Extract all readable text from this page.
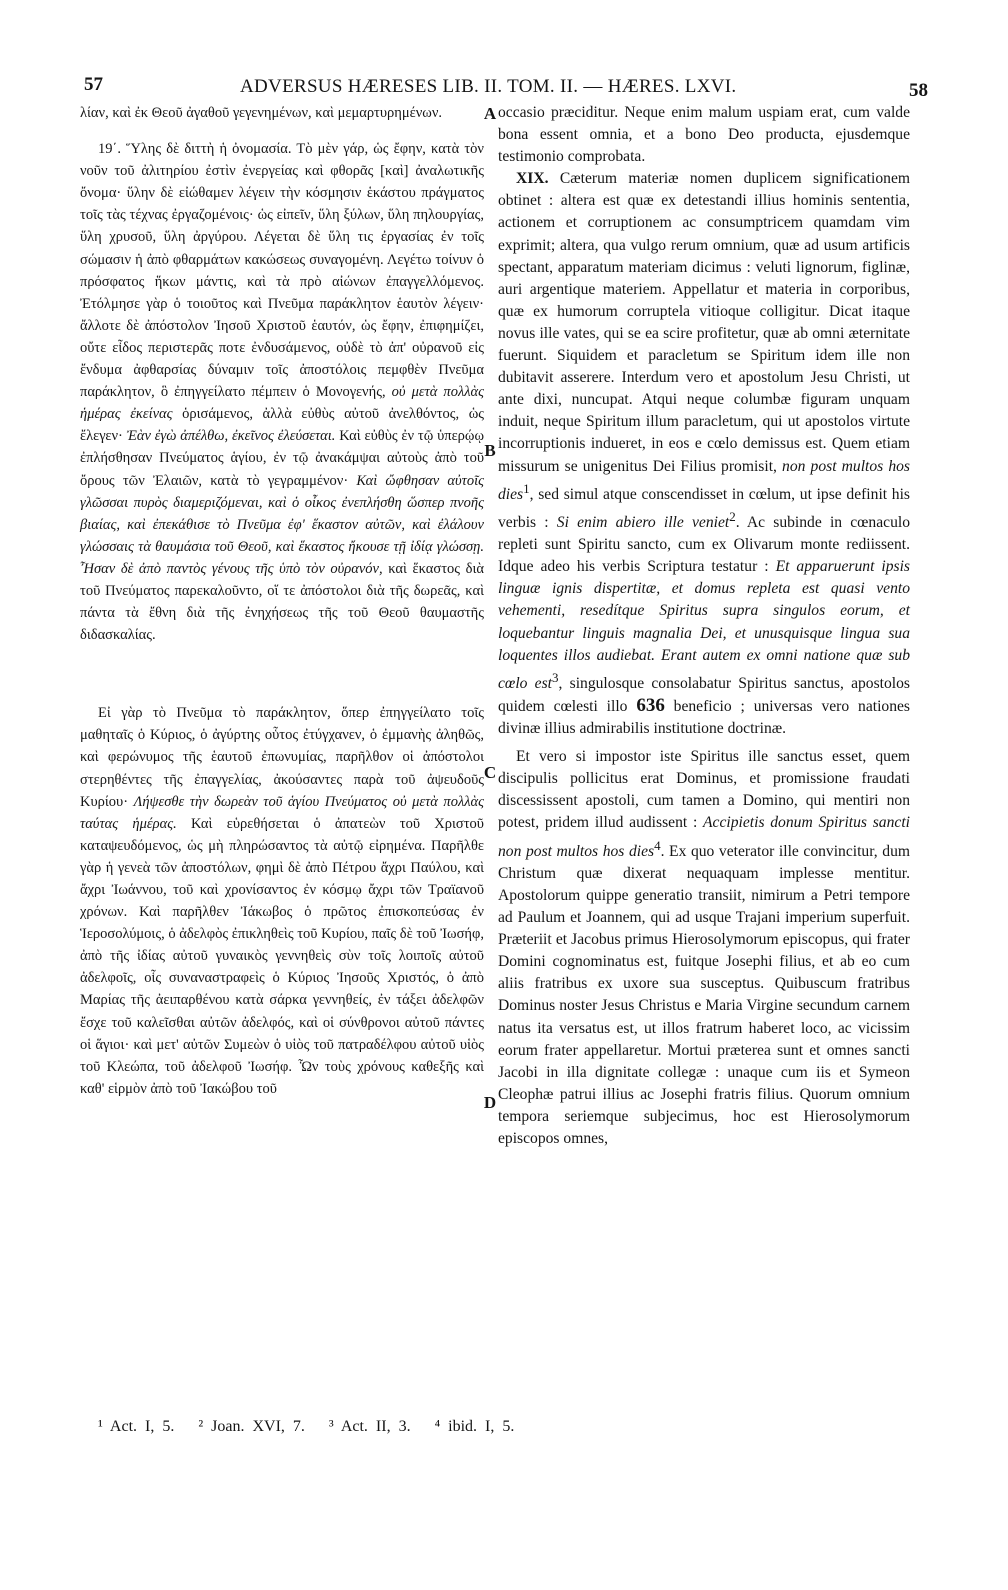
57	ADVERSUS HÆRESES LIB. II. TOM. II. — HÆRES. LXVI.	58

λίαν, καὶ ἐκ Θεοῦ ἀγαθοῦ γεγενημένων, καὶ μεμαρτυρημένων.

19΄. Ὕλης δὲ διττὴ ἡ ὀνομασία. Τὸ μὲν γάρ, ὡς ἔφην, κατὰ τὸν νοῦν τοῦ ἀλιτηρίου ἐστὶν ἐνεργείας καὶ φθορᾶς [καὶ] ἀναλωτικῆς ὄνομα· ὕλην δὲ εἰώθαμεν λέγειν τὴν κόσμησιν ἑκάστου πράγματος τοῖς τὰς τέχνας ἐργαζομένοις· ὡς εἰπεῖν, ὕλη ξύλων, ὕλη πηλουργίας, ὕλη χρυσοῦ, ὕλη ἀργύρου. Λέγεται δὲ ὕλη τις ἐργασίας ἐν τοῖς σώμασιν ἡ ἀπὸ φθαρμάτων κακώσεως συναγομένη. Λεγέτω τοίνυν ὁ πρόσφατος ἥκων μάντις, καὶ τὰ πρὸ αἰώνων ἐπαγγελλόμενος. Ἐτόλμησε γὰρ ὁ τοιοῦτος καὶ Πνεῦμα παράκλητον ἑαυτὸν λέγειν· ἄλλοτε δὲ ἀπόστολον Ἰησοῦ Χριστοῦ ἑαυτόν, ὡς ἔφην, ἐπιφημίζει, οὔτε εἶδος περιστερᾶς ποτε ἐνδυσάμενος, οὐδὲ τὸ ἀπ' οὐρανοῦ εἰς ἔνδυμα ἀφθαρσίας δύναμιν τοῖς ἀποστόλοις πεμφθὲν Πνεῦμα παράκλητον, ὃ ἐπηγγείλατο πέμπειν ὁ Μονογενής, οὐ μετὰ πολλὰς ἡμέρας ἐκείνας ὁρισάμενος, ἀλλὰ εὐθὺς αὐτοῦ ἀνελθόντος, ὡς ἔλεγεν· Ἐὰν ἐγὼ ἀπέλθω, ἐκεῖνος ἐλεύσεται. Καὶ εὐθὺς ἐν τῷ ὑπερῴῳ ἐπλήσθησαν Πνεύματος ἁγίου, ἐν τῷ ἀνακάμψαι αὐτοὺς ἀπὸ τοῦ ὄρους τῶν Ἐλαιῶν, κατὰ τὸ γεγραμμένον· Καὶ ὤφθησαν αὐτοῖς γλῶσσαι πυρὸς διαμεριζόμεναι, καὶ ὁ οἶκος ἐνεπλήσθη ὥσπερ πνοῆς βιαίας, καὶ ἐπεκάθισε τὸ Πνεῦμα ἐφ' ἕκαστον αὐτῶν, καὶ ἐλάλουν γλώσσαις τὰ θαυμάσια τοῦ Θεοῦ, καὶ ἕκαστος ἤκουσε τῇ ἰδίᾳ γλώσσῃ. Ἦσαν δὲ ἀπὸ παντὸς γένους τῆς ὑπὸ τὸν οὐρανόν, καὶ ἕκαστος διὰ τοῦ Πνεύματος παρεκαλοῦντο, οἵ τε ἀπόστολοι διὰ τῆς δωρεᾶς, καὶ πάντα τὰ ἔθνη διὰ τῆς ἐνηχήσεως τῆς τοῦ Θεοῦ θαυμαστῆς διδασκαλίας.

Εἰ γὰρ τὸ Πνεῦμα τὸ παράκλητον, ὅπερ ἐπηγγείλατο τοῖς μαθηταῖς ὁ Κύριος, ὁ ἀγύρτης οὗτος ἐτύγχανεν, ὁ ἐμμανὴς ἀληθῶς, καὶ φερώνυμος τῆς ἑαυτοῦ ἐπωνυμίας, παρῆλθον οἱ ἀπόστολοι στερηθέντες τῆς ἐπαγγελίας, ἀκούσαντες παρὰ τοῦ ἀψευδοῦς Κυρίου· Λήψεσθε τὴν δωρεὰν τοῦ ἁγίου Πνεύματος οὐ μετὰ πολλὰς ταύτας ἡμέρας. Καὶ εὑρεθήσεται ὁ ἀπατεὼν τοῦ Χριστοῦ καταψευδόμενος, ὡς μὴ πληρώσαντος τὰ αὐτῷ εἰρημένα. Παρῆλθε γὰρ ἡ γενεὰ τῶν ἀποστόλων, φημὶ δὲ ἀπὸ Πέτρου ἄχρι Παύλου, καὶ ἄχρι Ἰωάννου, τοῦ καὶ χρονίσαντος ἐν κόσμῳ ἄχρι τῶν Τραϊανοῦ χρόνων. Καὶ παρῆλθεν Ἰάκωβος ὁ πρῶτος ἐπισκοπεύσας ἐν Ἱεροσολύμοις, ὁ ἀδελφὸς ἐπικληθεὶς τοῦ Κυρίου, παῖς δὲ τοῦ Ἰωσήφ, ἀπὸ τῆς ἰδίας αὐτοῦ γυναικὸς γεννηθεὶς σὺν τοῖς λοιποῖς αὐτοῦ ἀδελφοῖς, οἷς συναναστραφεὶς ὁ Κύριος Ἰησοῦς Χριστός, ὁ ἀπὸ Μαρίας τῆς ἀειπαρθένου κατὰ σάρκα γεννηθείς, ἐν τάξει ἀδελφῶν ἔσχε τοῦ καλεῖσθαι αὐτῶν ἀδελφός, καὶ οἱ σύνθρονοι αὐτοῦ πάντες οἱ ἅγιοι· καὶ μετ' αὐτῶν Συμεὼν ὁ υἱὸς τοῦ πατραδέλφου αὐτοῦ υἱὸς τοῦ Κλεώπα, τοῦ ἀδελφοῦ Ἰωσήφ. Ὧν τοὺς χρόνους καθεξῆς καὶ καθ' εἱρμὸν ἀπὸ τοῦ Ἰακώβου τοῦ

A
B
C
D

occasio præciditur. Neque enim malum uspiam erat, cum valde bona essent omnia, et a bono Deo producta, ejusdemque testimonio comprobata.

XIX. Cæterum materiæ nomen duplicem significationem obtinet : altera est quæ ex detestandi illius hominis sententia, actionem et corruptionem ac consumptricem quamdam vim exprimit; altera, qua vulgo rerum omnium, quæ ad usum artificis spectant, apparatum materiam dicimus : veluti lignorum, figlinæ, auri argentique materiem. Appellatur et materia in corporibus, quæ ex humorum corruptela vitioque colligitur. Dicat itaque novus ille vates, qui se ea scire profitetur, quæ ab omni æternitate fuerunt. Siquidem et paracletum se Spiritum idem ille non dubitavit asserere. Interdum vero et apostolum Jesu Christi, ut ante dixi, nuncupat. Atqui neque columbæ figuram unquam induit, neque Spiritum illum paracletum, qui ut apostolos virtute incorruptionis indueret, in eos e cœlo demissus est. Quem etiam missurum se unigenitus Dei Filius promisit, non post multos hos dies$^1$, sed simul atque conscendisset in cœlum, ut ipse definit his verbis : Si enim abiero ille veniet$^2$. Ac subinde in cœnaculo repleti sunt Spiritu sancto, cum ex Olivarum monte rediissent. Idque adeo his verbis Scriptura testatur : Et apparuerunt ipsis linguæ ignis dispertitæ, et domus repleta est quasi vento vehementi, resedítque Spiritus supra singulos eorum, et loquebantur linguis magnalia Dei, et unusquisque lingua sua loquentes illos audiebat. Erant autem ex omni natione quæ sub cœlo est$^3$, singulosque consolabatur Spiritus sanctus, apostolos quidem cœlesti illo 636 beneficio ; universas vero nationes divinæ illius admirabilis institutione doctrinæ.

Et vero si impostor iste Spiritus ille sanctus esset, quem discipulis pollicitus erat Dominus, et promissione fraudati discessissent apostoli, cum tamen a Domino, qui mentiri non potest, pridem illud audissent : Accipietis donum Spiritus sancti non post multos hos dies$^4$. Ex quo veterator ille convincitur, dum Christum quæ dixerat nequaquam implesse mentitur. Apostolorum quippe generatio transiit, nimirum a Petri tempore ad Paulum et Joannem, qui ad usque Trajani imperium superfuit. Præteriit et Jacobus primus Hierosolymorum episcopus, qui frater Domini cognominatus est, fuitque Josephi filius, et ab eo cum aliis fratribus ex uxore sua susceptus. Quibuscum fratribus Dominus noster Jesus Christus e Maria Virgine secundum carnem natus ita versatus est, ut illos fratrum haberet loco, ac vicissim eorum frater appellaretur. Mortui præterea sunt et omnes sancti Jacobi in illa dignitate collegæ : unaque cum iis et Symeon Cleophæ patrui illius ac Josephi fratris filius. Quorum omnium tempora seriemque subjecimus, hoc est Hierosolymorum episcopos omnes,

¹ Act. I, 5. ² Joan. XVI, 7. ³ Act. II, 3. ⁴ ibid. I, 5.
